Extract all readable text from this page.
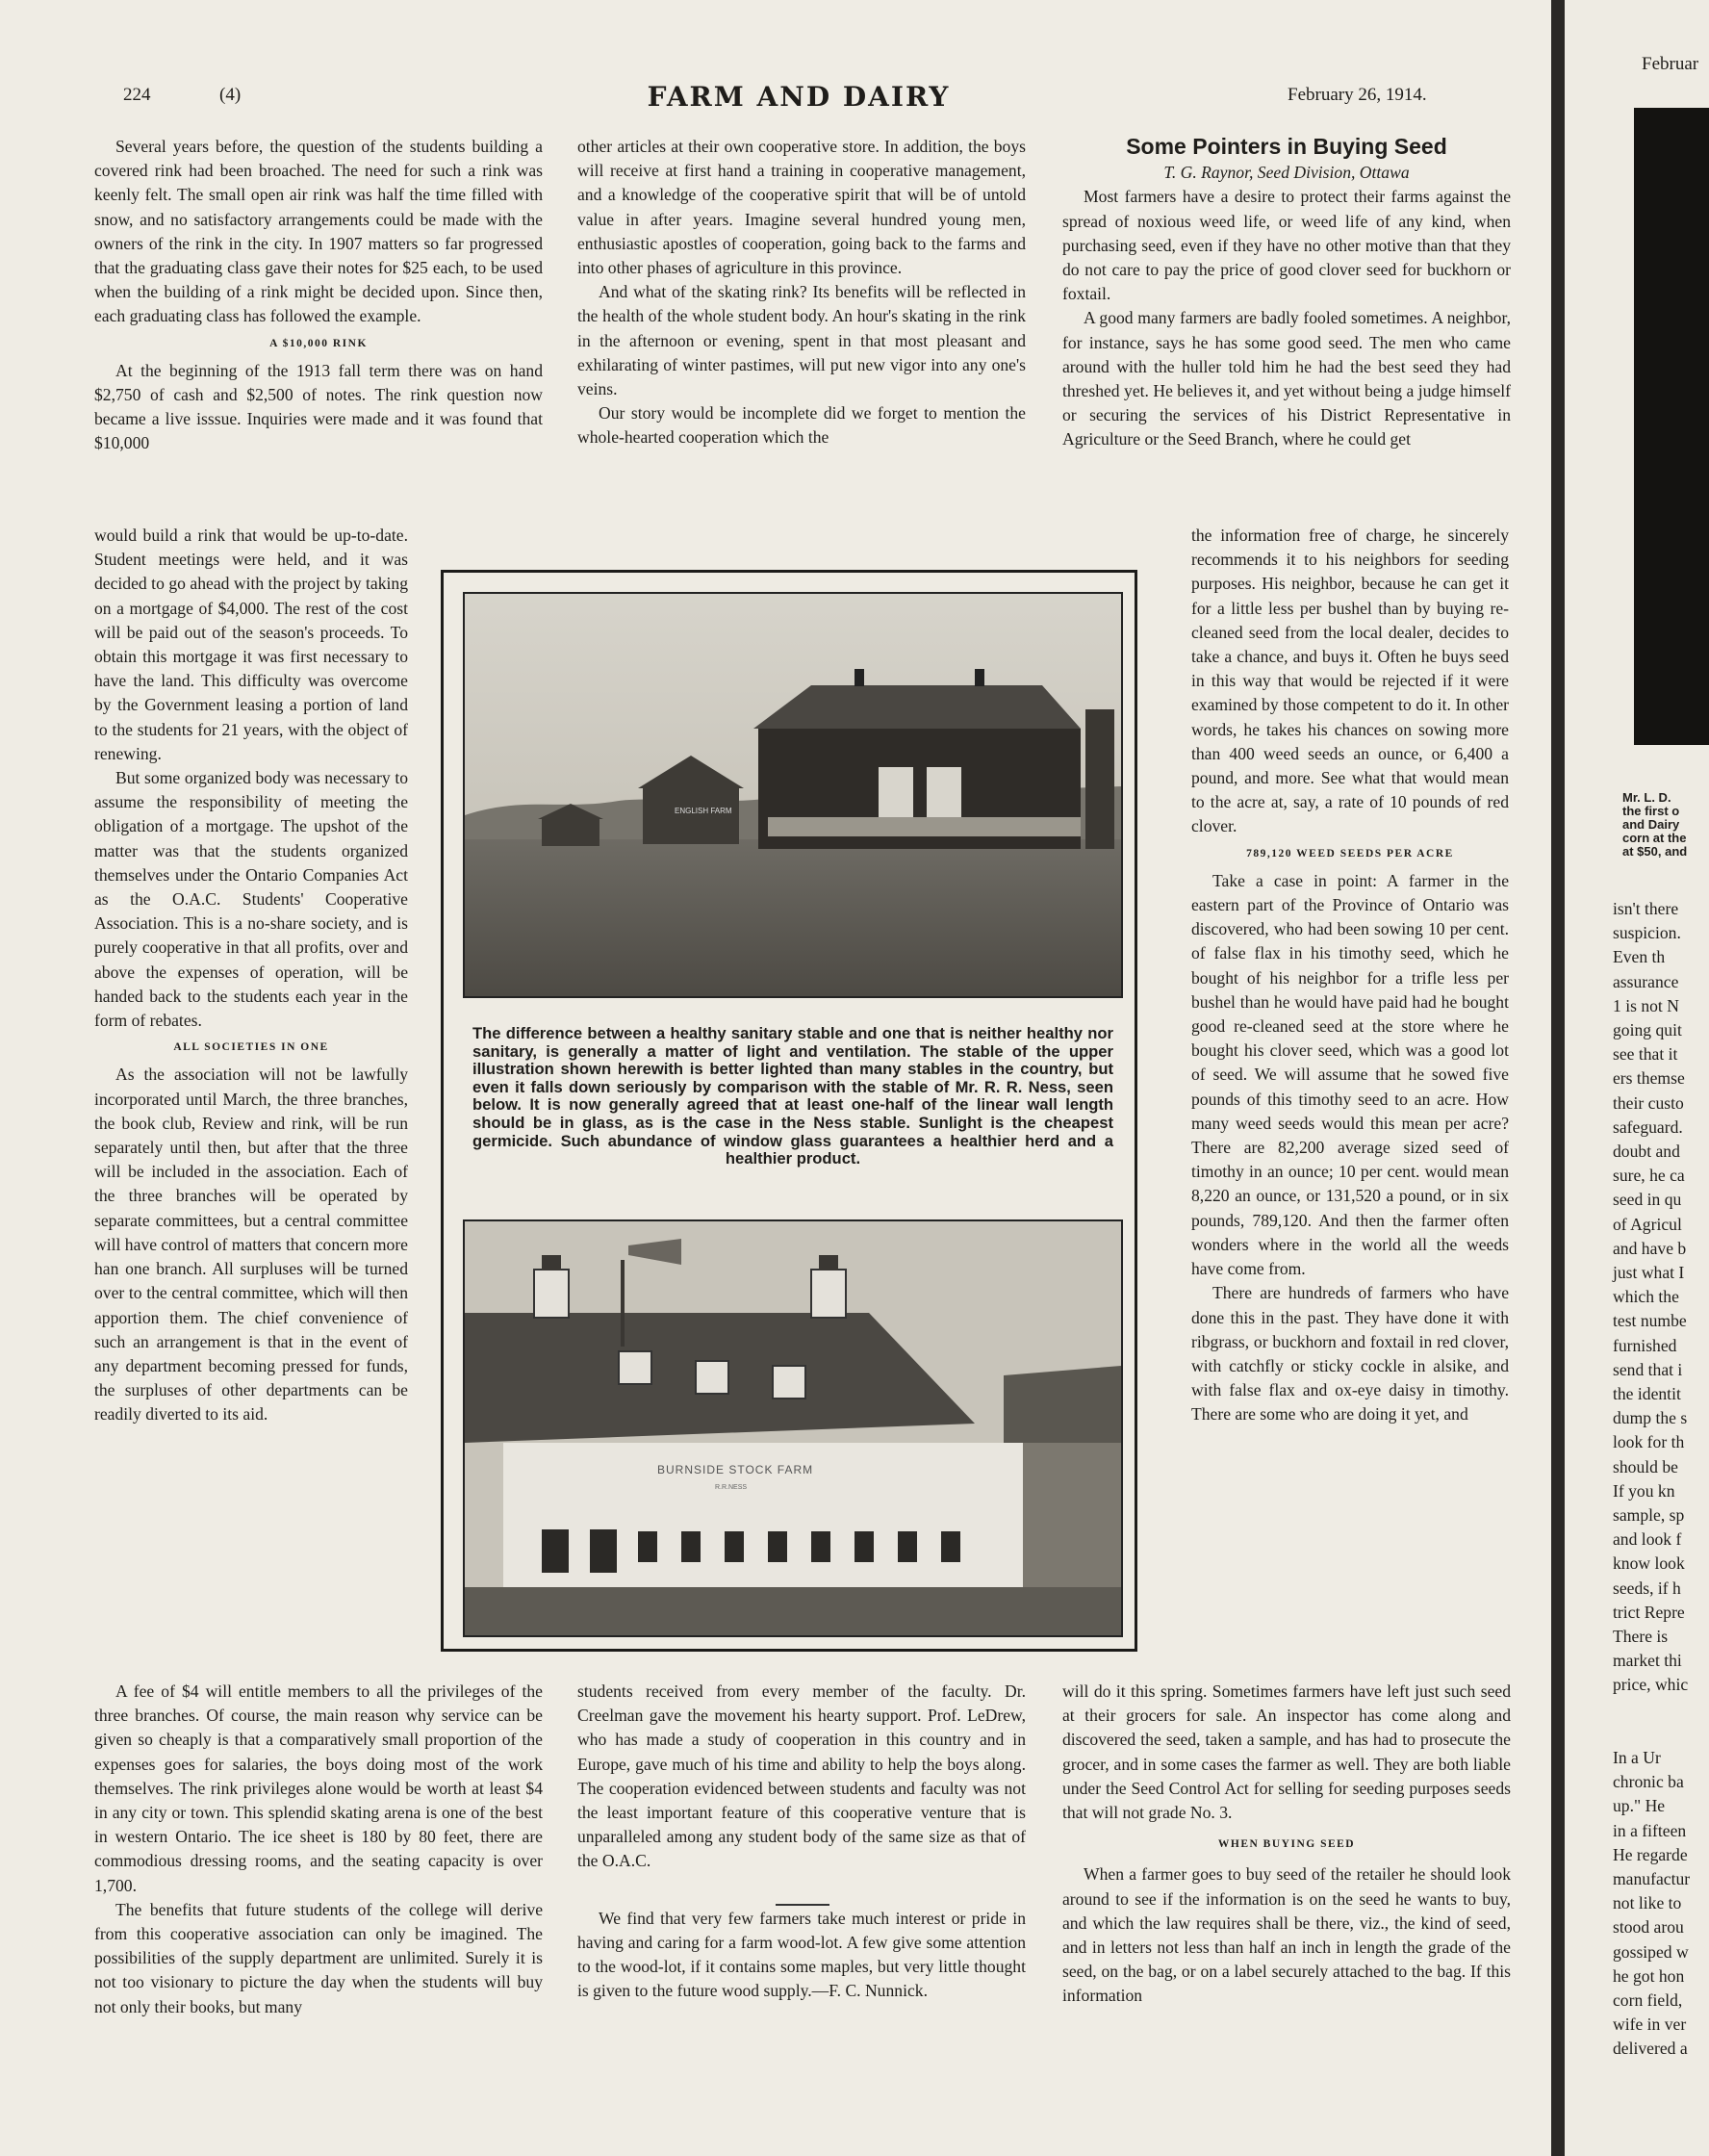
224	(4)	FARM AND DAIRY	February 26, 1914.

Several years before, the question of the students building a covered rink had been broached. The need for such a rink was keenly felt. The small open air rink was half the time filled with snow, and no satisfactory arrangements could be made with the owners of the rink in the city. In 1907 matters so far progressed that the graduating class gave their notes for $25 each, to be used when the building of a rink might be decided upon. Since then, each graduating class has followed the example.

A $10,000 RINK

At the beginning of the 1913 fall term there was on hand $2,750 of cash and $2,500 of notes. The rink question now became a live isssue. Inquiries were made and it was found that $10,000

would build a rink that would be up-to-date. Student meetings were held, and it was decided to go ahead with the project by taking on a mortgage of $4,000. The rest of the cost will be paid out of the season's proceeds. To obtain this mortgage it was first necessary to have the land. This difficulty was overcome by the Government leasing a portion of land to the students for 21 years, with the object of renewing.

But some organized body was necessary to assume the responsibility of meeting the obligation of a mortgage. The upshot of the matter was that the students organized themselves under the Ontario Companies Act as the O.A.C. Students' Cooperative Association. This is a no-share society, and is purely cooperative in that all profits, over and above the expenses of operation, will be handed back to the students each year in the form of rebates.

ALL SOCIETIES IN ONE

As the association will not be lawfully incorporated until March, the three branches, the book club, Review and rink, will be run separately until then, but after that the three will be included in the association. Each of the three branches will be operated by separate committees, but a central committee will have control of matters that concern more han one branch. All surpluses will be turned over to the central committee, which will then apportion them. The chief convenience of such an arrangement is that in the event of any department becoming pressed for funds, the surpluses of other departments can be readily diverted to its aid.

A fee of $4 will entitle members to all the privileges of the three branches. Of course, the main reason why service can be given so cheaply is that a comparatively small proportion of the expenses goes for salaries, the boys doing most of the work themselves. The rink privileges alone would be worth at least $4 in any city or town. This splendid skating arena is one of the best in western Ontario. The ice sheet is 180 by 80 feet, there are commodious dressing rooms, and the seating capacity is over 1,700.

The benefits that future students of the college will derive from this cooperative association can only be imagined. The possibilities of the supply department are unlimited. Surely it is not too visionary to picture the day when the students will buy not only their books, but many

other articles at their own cooperative store. In addition, the boys will receive at first hand a training in cooperative management, and a knowledge of the cooperative spirit that will be of untold value in after years. Imagine several hundred young men, enthusiastic apostles of cooperation, going back to the farms and into other phases of agriculture in this province.

And what of the skating rink? Its benefits will be reflected in the health of the whole student body. An hour's skating in the rink in the afternoon or evening, spent in that most pleasant and exhilarating of winter pastimes, will put new vigor into any one's veins.

Our story would be incomplete did we forget to mention the whole-hearted cooperation which the

students received from every member of the faculty. Dr. Creelman gave the movement his hearty support. Prof. LeDrew, who has made a study of cooperation in this country and in Europe, gave much of his time and ability to help the boys along. The cooperation evidenced between students and faculty was not the least important feature of this cooperative venture that is unparalleled among any student body of the same size as that of the O.A.C.

We find that very few farmers take much interest or pride in having and caring for a farm wood-lot. A few give some attention to the wood-lot, if it contains some maples, but very little thought is given to the future wood supply.—F. C. Nunnick.

Some Pointers in Buying Seed
T. G. Raynor, Seed Division, Ottawa

Most farmers have a desire to protect their farms against the spread of noxious weed life, or weed life of any kind, when purchasing seed, even if they have no other motive than that they do not care to pay the price of good clover seed for buckhorn or foxtail.

A good many farmers are badly fooled sometimes. A neighbor, for instance, says he has some good seed. The men who came around with the huller told him he had the best seed they had threshed yet. He believes it, and yet without being a judge himself or securing the services of his District Representative in Agriculture or the Seed Branch, where he could get

the information free of charge, he sincerely recommends it to his neighbors for seeding purposes. His neighbor, because he can get it for a little less per bushel than by buying re-cleaned seed from the local dealer, decides to take a chance, and buys it. Often he buys seed in this way that would be rejected if it were examined by those competent to do it. In other words, he takes his chances on sowing more than 400 weed seeds an ounce, or 6,400 a pound, and more. See what that would mean to the acre at, say, a rate of 10 pounds of red clover.

789,120 WEED SEEDS PER ACRE

Take a case in point: A farmer in the eastern part of the Province of Ontario was discovered, who had been sowing 10 per cent. of false flax in his timothy seed, which he bought of his neighbor for a trifle less per bushel than he would have paid had he bought good re-cleaned seed at the store where he bought his clover seed, which was a good lot of seed. We will assume that he sowed five pounds of this timothy seed to an acre. How many weed seeds would this mean per acre? There are 82,200 average sized seed of timothy in an ounce; 10 per cent. would mean 8,220 an ounce, or 131,520 a pound, or in six pounds, 789,120. And then the farmer often wonders where in the world all the weeds have come from.

There are hundreds of farmers who have done this in the past. They have done it with ribgrass, or buckhorn and foxtail in red clover, with catchfly or sticky cockle in alsike, and with false flax and ox-eye daisy in timothy. There are some who are doing it yet, and

will do it this spring. Sometimes farmers have left just such seed at their grocers for sale. An inspector has come along and discovered the seed, taken a sample, and has had to prosecute the grocer, and in some cases the farmer as well. They are both liable under the Seed Control Act for selling for seeding purposes seeds that will not grade No. 3.

WHEN BUYING SEED

When a farmer goes to buy seed of the retailer he should look around to see if the information is on the seed he wants to buy, and which the law requires shall be there, viz., the kind of seed, and in letters not less than half an inch in length the grade of the seed, on the bag, or on a label securely attached to the bag. If this information

ENGLISH FARM
The difference between a healthy sanitary stable and one that is neither healthy nor sanitary, is generally a matter of light and ventilation. The stable of the upper illustration shown herewith is better lighted than many stables in the country, but even it falls down seriously by comparison with the stable of Mr. R. R. Ness, seen below. It is now generally agreed that at least one-half of the linear wall length should be in glass, as is the case in the Ness stable. Sunlight is the cheapest germicide. Such abundance of window glass guarantees a healthier herd and a healthier product.
BURNSIDE STOCK FARM
R.R.NESS
Februar
Mr. L. D.
the first o
and Dairy
corn at the
at $50, and
isn't there
suspicion.
Even th
assurance
1 is not N
going quit
see that it
ers themse
their custo
safeguard.
doubt and
sure, he ca
seed in qu
of Agricul
and have b
just what I
which the
test numbe
furnished
send that i
the identit
dump the s
look for th
should be
If you kn
sample, sp
and look f
know look
seeds, if h
trict Repre
There is
market thi
price, whic
In a Ur
chronic ba
up." He
in a fifteen
He regarde
manufactur
not like to
stood arou
gossiped w
he got hon
corn field,
wife in ver
delivered a
